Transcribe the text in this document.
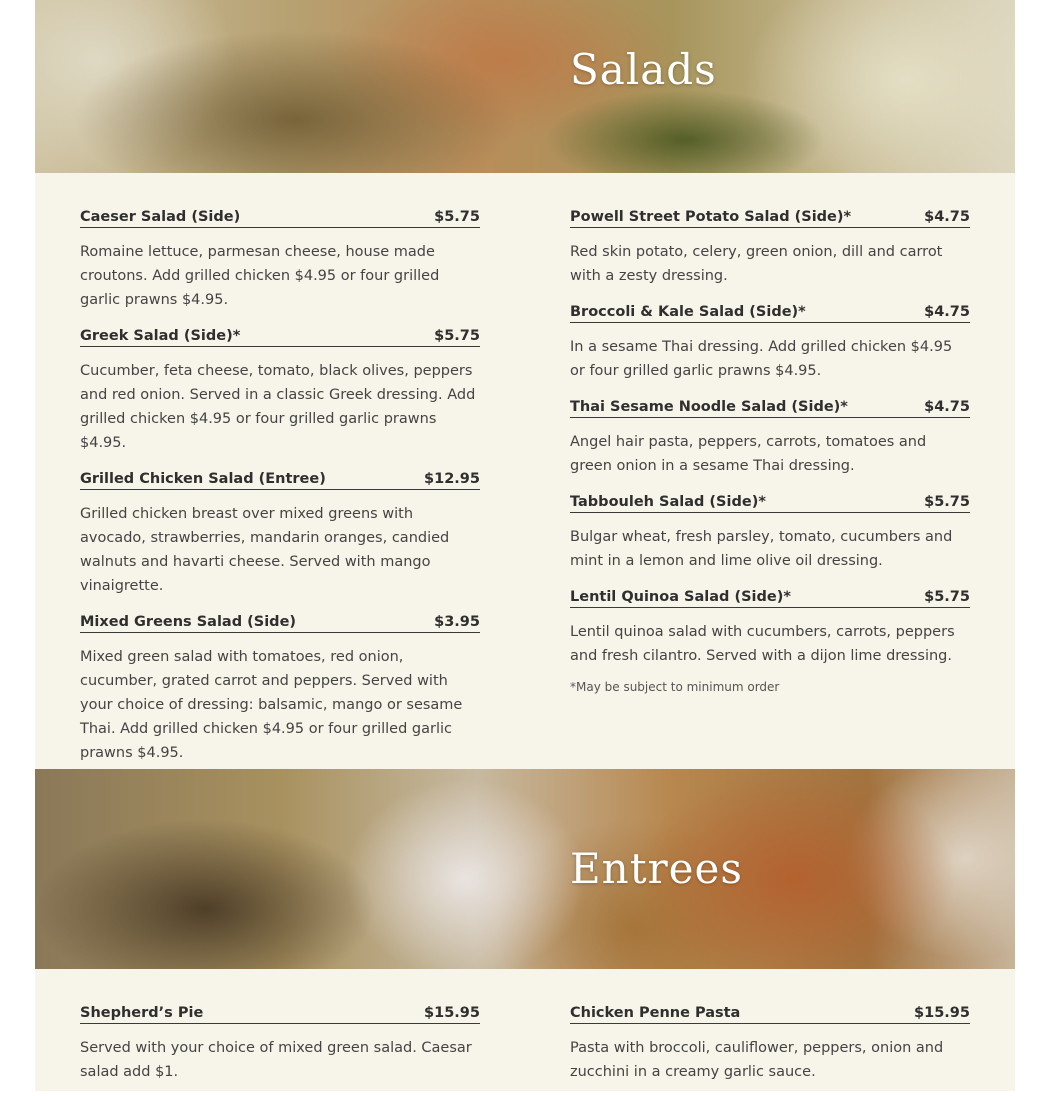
Salads
Caeser Salad (Side)	$5.75

Romaine lettuce, parmesan cheese, house made croutons. Add grilled chicken $4.95 or four grilled garlic prawns $4.95.

Greek Salad (Side)*	$5.75

Cucumber, feta cheese, tomato, black olives, peppers and red onion. Served in a classic Greek dressing. Add grilled chicken $4.95 or four grilled garlic prawns $4.95.

Grilled Chicken Salad (Entree)	$12.95

Grilled chicken breast over mixed greens with avocado, strawberries, mandarin oranges, candied walnuts and havarti cheese. Served with mango vinaigrette.

Mixed Greens Salad (Side)	$3.95

Mixed green salad with tomatoes, red onion, cucumber, grated carrot and peppers. Served with your choice of dressing: balsamic, mango or sesame Thai. Add grilled chicken $4.95 or four grilled garlic prawns $4.95.

Powell Street Potato Salad (Side)*	$4.75

Red skin potato, celery, green onion, dill and carrot with a zesty dressing.

Broccoli & Kale Salad (Side)*	$4.75

In a sesame Thai dressing. Add grilled chicken $4.95 or four grilled garlic prawns $4.95.

Thai Sesame Noodle Salad (Side)*	$4.75

Angel hair pasta, peppers, carrots, tomatoes and green onion in a sesame Thai dressing.

Tabbouleh Salad (Side)*	$5.75

Bulgar wheat, fresh parsley, tomato, cucumbers and mint in a lemon and lime olive oil dressing.

Lentil Quinoa Salad (Side)*	$5.75

Lentil quinoa salad with cucumbers, carrots, peppers and fresh cilantro. Served with a dijon lime dressing.

*May be subject to minimum order
Entrees
Shepherd’s Pie	$15.95

Served with your choice of mixed green salad. Caesar salad add $1.

Chicken Penne Pasta	$15.95

Pasta with broccoli, cauliflower, peppers, onion and zucchini in a creamy garlic sauce.
